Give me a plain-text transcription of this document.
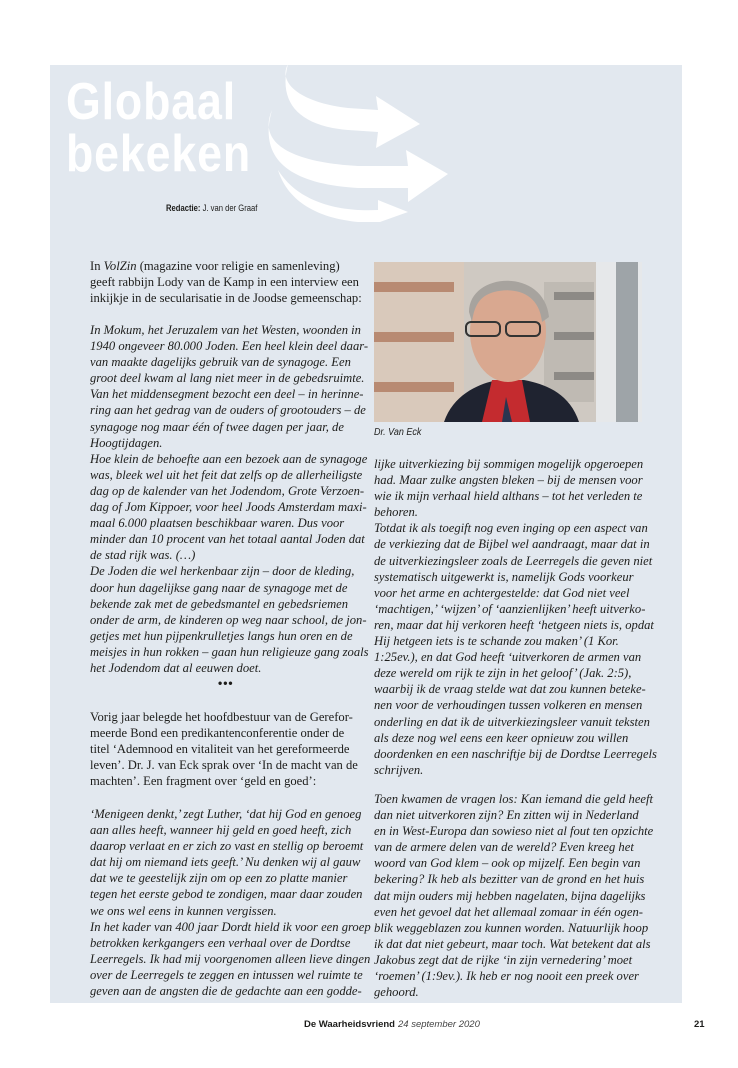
Globaal
bekeken
Redactie: J. van der Graaf
Dr. Van Eck
In VolZin (magazine voor religie en samenleving)
geeft rabbijn Lody van de Kamp in een interview een
inkijkje in de secularisatie in de Joodse gemeenschap:
In Mokum, het Jeruzalem van het Westen, woonden in
1940 ongeveer 80.000 Joden. Een heel klein deel daar-
van maakte dagelijks gebruik van de synagoge. Een
groot deel kwam al lang niet meer in de gebedsruimte.
Van het middensegment bezocht een deel – in herinne-
ring aan het gedrag van de ouders of grootouders – de
synagoge nog maar één of twee dagen per jaar, de
Hoogtijdagen.
Hoe klein de behoefte aan een bezoek aan de synagoge
was, bleek wel uit het feit dat zelfs op de allerheiligste
dag op de kalender van het Jodendom, Grote Verzoen-
dag of Jom Kippoer, voor heel Joods Amsterdam maxi-
maal 6.000 plaatsen beschikbaar waren. Dus voor
minder dan 10 procent van het totaal aantal Joden dat
de stad rijk was. (…)
De Joden die wel herkenbaar zijn – door de kleding,
door hun dagelijkse gang naar de synagoge met de
bekende zak met de gebedsmantel en gebedsriemen
onder de arm, de kinderen op weg naar school, de jon-
getjes met hun pijpenkrulletjes langs hun oren en de
meisjes in hun rokken – gaan hun religieuze gang zoals
het Jodendom dat al eeuwen doet.
Vorig jaar belegde het hoofdbestuur van de Gerefor-
meerde Bond een predikantenconferentie onder de
titel ‘Ademnood en vitaliteit van het gereformeerde
leven’. Dr. J. van Eck sprak over ‘In de macht van de
machten’. Een fragment over ‘geld en goed’:
‘Menigeen denkt,’ zegt Luther, ‘dat hij God en genoeg
aan alles heeft, wanneer hij geld en goed heeft, zich
daarop verlaat en er zich zo vast en stellig op beroemt
dat hij om niemand iets geeft.’ Nu denken wij al gauw
dat we te geestelijk zijn om op een zo platte manier
tegen het eerste gebod te zondigen, maar daar zouden
we ons wel eens in kunnen vergissen.
In het kader van 400 jaar Dordt hield ik voor een groep
betrokken kerkgangers een verhaal over de Dordtse
Leerregels. Ik had mij voorgenomen alleen lieve dingen
over de Leerregels te zeggen en intussen wel ruimte te
geven aan de angsten die de gedachte aan een godde-
•••
lijke uitverkiezing bij sommigen mogelijk opgeroepen
had. Maar zulke angsten bleken – bij de mensen voor
wie ik mijn verhaal hield althans – tot het verleden te
behoren.
Totdat ik als toegift nog even inging op een aspect van
de verkiezing dat de Bijbel wel aandraagt, maar dat in
de uitverkiezingsleer zoals de Leerregels die geven niet
systematisch uitgewerkt is, namelijk Gods voorkeur
voor het arme en achtergestelde: dat God niet veel
‘machtigen,’ ‘wijzen’ of ‘aanzienlijken’ heeft uitverko-
ren, maar dat hij verkoren heeft ‘hetgeen niets is, opdat
Hij hetgeen iets is te schande zou maken’ (1 Kor.
1:25ev.), en dat God heeft ‘uitverkoren de armen van
deze wereld om rijk te zijn in het geloof’ (Jak. 2:5),
waarbij ik de vraag stelde wat dat zou kunnen beteke-
nen voor de verhoudingen tussen volkeren en mensen
onderling en dat ik de uitverkiezingsleer vanuit teksten
als deze nog wel eens een keer opnieuw zou willen
doordenken en een naschriftje bij de Dordtse Leerregels
schrijven.
Toen kwamen de vragen los: Kan iemand die geld heeft
dan niet uitverkoren zijn? En zitten wij in Nederland
en in West-Europa dan sowieso niet al fout ten opzichte
van de armere delen van de wereld? Even kreeg het
woord van God klem – ook op mijzelf. Een begin van
bekering? Ik heb als bezitter van de grond en het huis
dat mijn ouders mij hebben nagelaten, bijna dagelijks
even het gevoel dat het allemaal zomaar in één ogen-
blik weggeblazen zou kunnen worden. Natuurlijk hoop
ik dat dat niet gebeurt, maar toch. Wat betekent dat als
Jakobus zegt dat de rijke ‘in zijn vernedering’ moet
‘roemen’ (1:9ev.). Ik heb er nog nooit een preek over
gehoord.
De Waarheidsvriend 24 september 2020	21
